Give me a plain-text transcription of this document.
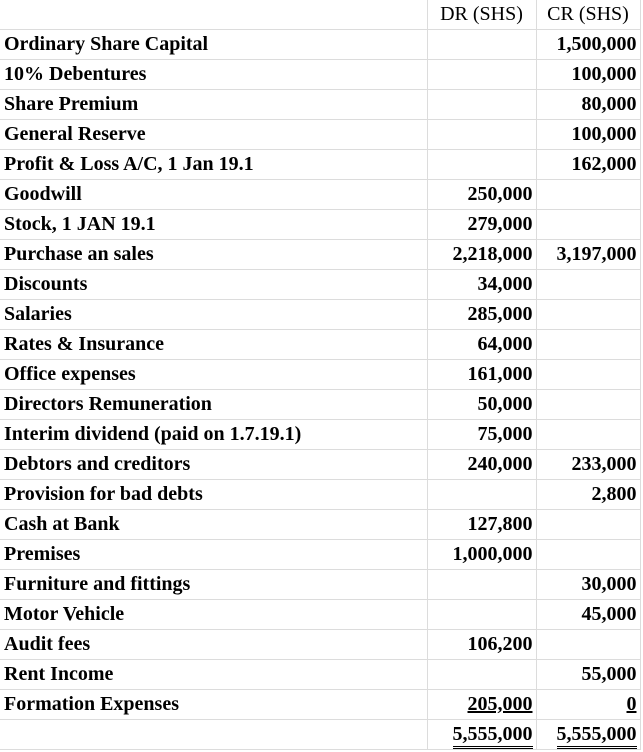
	DR (SHS)	CR (SHS)
Ordinary Share Capital		1,500,000
10% Debentures		100,000
Share Premium		80,000
General Reserve		100,000
Profit & Loss A/C, 1 Jan 19.1		162,000
Goodwill	250,000	
Stock, 1 JAN 19.1	279,000	
Purchase an sales	2,218,000	3,197,000
Discounts	34,000	
Salaries	285,000	
Rates & Insurance	64,000	
Office expenses	161,000	
Directors Remuneration	50,000	
Interim dividend (paid on 1.7.19.1)	75,000	
Debtors and creditors	240,000	233,000
Provision for bad debts		2,800
Cash at Bank	127,800	
Premises	1,000,000	
Furniture and fittings		30,000
Motor Vehicle		45,000
Audit fees	106,200	
Rent Income		55,000
Formation Expenses	205,000	0
	5,555,000	5,555,000
